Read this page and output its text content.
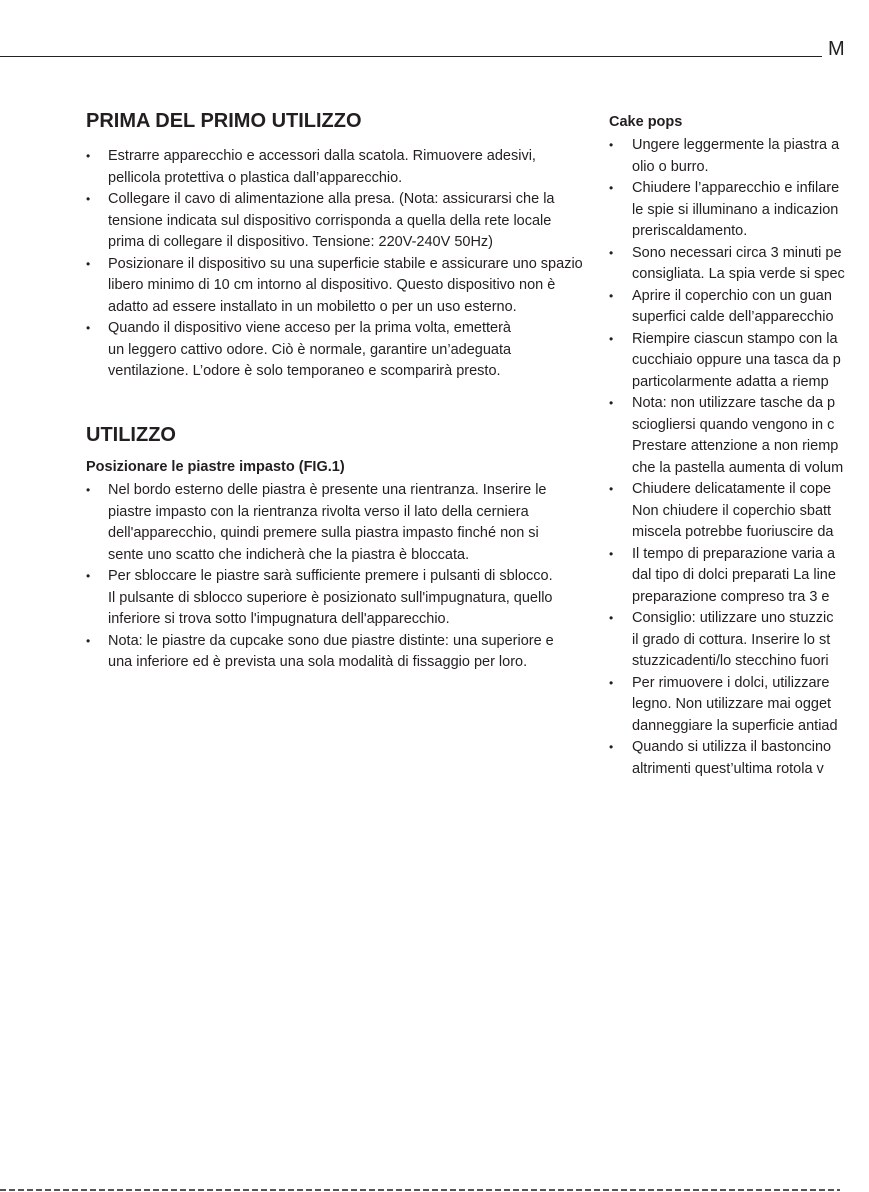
M
PRIMA DEL PRIMO UTILIZZO
• Estrarre apparecchio e accessori dalla scatola. Rimuovere adesivi,
pellicola protettiva o plastica dall’apparecchio.
• Collegare il cavo di alimentazione alla presa. (Nota: assicurarsi che la
tensione indicata sul dispositivo corrisponda a quella della rete locale
prima di collegare il dispositivo. Tensione: 220V-240V 50Hz)
• Posizionare il dispositivo su una superficie stabile e assicurare uno spazio
libero minimo di 10 cm intorno al dispositivo. Questo dispositivo non è
adatto ad essere installato in un mobiletto o per un uso esterno.
• Quando il dispositivo viene acceso per la prima volta, emetterà
un leggero cattivo odore. Ciò è normale, garantire un’adeguata
ventilazione. L’odore è solo temporaneo e scomparirà presto.
UTILIZZO
Posizionare le piastre impasto (FIG.1)
• Nel bordo esterno delle piastra è presente una rientranza. Inserire le
piastre impasto con la rientranza rivolta verso il lato della cerniera
dell'apparecchio, quindi premere sulla piastra impasto finché non si
sente uno scatto che indicherà che la piastra è bloccata.
• Per sbloccare le piastre sarà sufficiente premere i pulsanti di sblocco.
Il pulsante di sblocco superiore è posizionato sull'impugnatura, quello
inferiore si trova sotto l'impugnatura dell'apparecchio.
• Nota: le piastre da cupcake sono due piastre distinte: una superiore e
una inferiore ed è prevista una sola modalità di fissaggio per loro.
Cake pops
• Ungere leggermente la piastra a
olio o burro.
• Chiudere l’apparecchio e infilare
le spie si illuminano a indicazion
preriscaldamento.
• Sono necessari circa 3 minuti pe
consigliata. La spia verde si spec
• Aprire il coperchio con un guan
superfici calde dell’apparecchio
• Riempire ciascun stampo con la
cucchiaio oppure una tasca da p
particolarmente adatta a riemp
• Nota: non utilizzare tasche da p
sciogliersi quando vengono in c
Prestare attenzione a non riemp
che la pastella aumenta di volum
• Chiudere delicatamente il cope
Non chiudere il coperchio sbatt
miscela potrebbe fuoriuscire da
• Il tempo di preparazione varia a
dal tipo di dolci preparati La line
preparazione compreso tra 3 e
• Consiglio: utilizzare uno stuzzic
il grado di cottura. Inserire lo st
stuzzicadenti/lo stecchino fuori
• Per rimuovere i dolci, utilizzare
legno. Non utilizzare mai ogget
danneggiare la superficie antiad
• Quando si utilizza il bastoncino
altrimenti quest’ultima rotola v
